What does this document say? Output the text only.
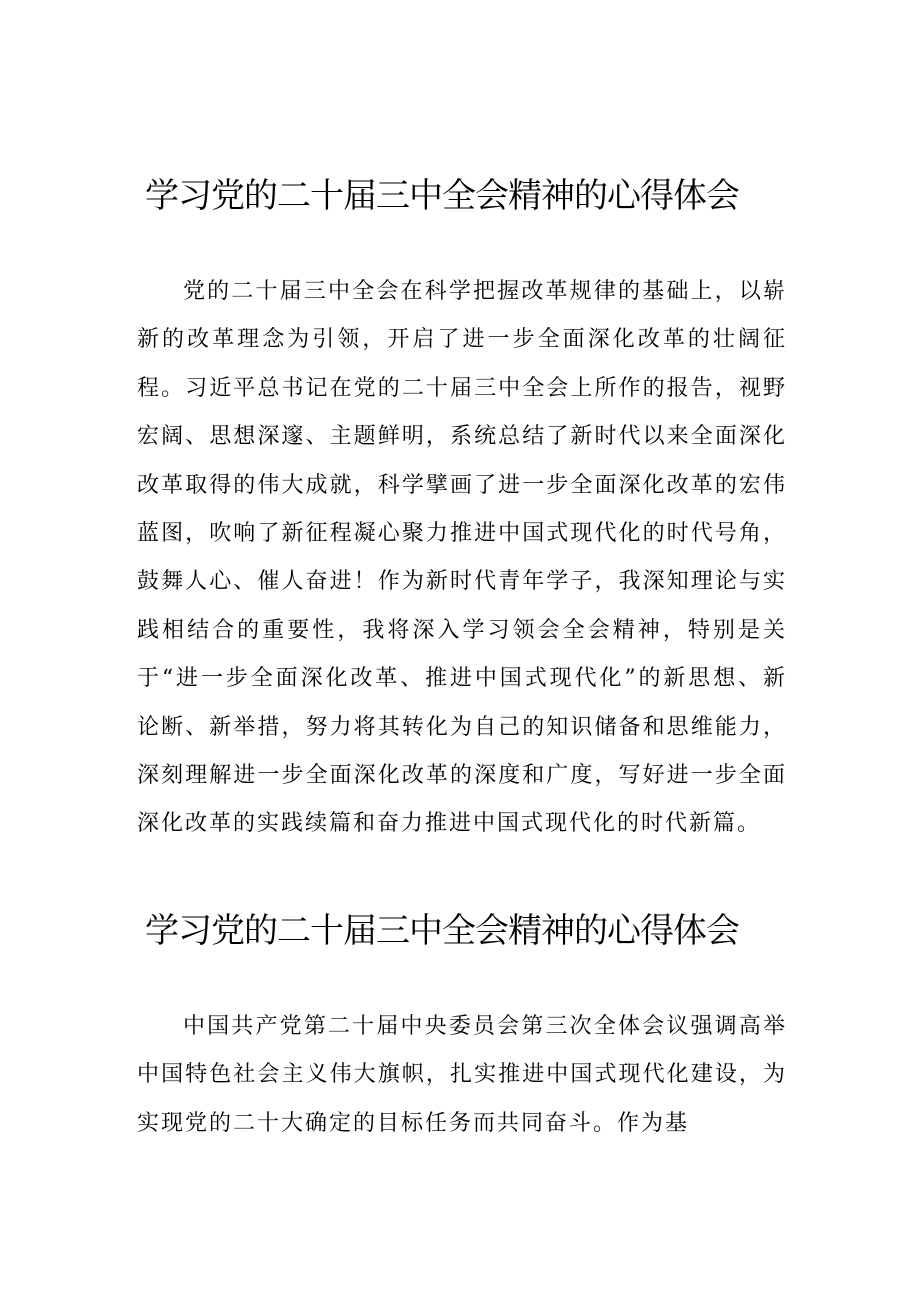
学习党的二十届三中全会精神的心得体会

党的二十届三中全会在科学把握改革规律的基础上，以崭新的改革理念为引领，开启了进一步全面深化改革的壮阔征程。习近平总书记在党的二十届三中全会上所作的报告，视野宏阔、思想深邃、主题鲜明，系统总结了新时代以来全面深化改革取得的伟大成就，科学擘画了进一步全面深化改革的宏伟蓝图，吹响了新征程凝心聚力推进中国式现代化的时代号角，鼓舞人心、催人奋进！作为新时代青年学子，我深知理论与实践相结合的重要性，我将深入学习领会全会精神，特别是关于“进一步全面深化改革、推进中国式现代化”的新思想、新论断、新举措，努力将其转化为自己的知识储备和思维能力，深刻理解进一步全面深化改革的深度和广度，写好进一步全面深化改革的实践续篇和奋力推进中国式现代化的时代新篇。

学习党的二十届三中全会精神的心得体会

中国共产党第二十届中央委员会第三次全体会议强调高举中国特色社会主义伟大旗帜，扎实推进中国式现代化建设，为实现党的二十大确定的目标任务而共同奋斗。作为基
